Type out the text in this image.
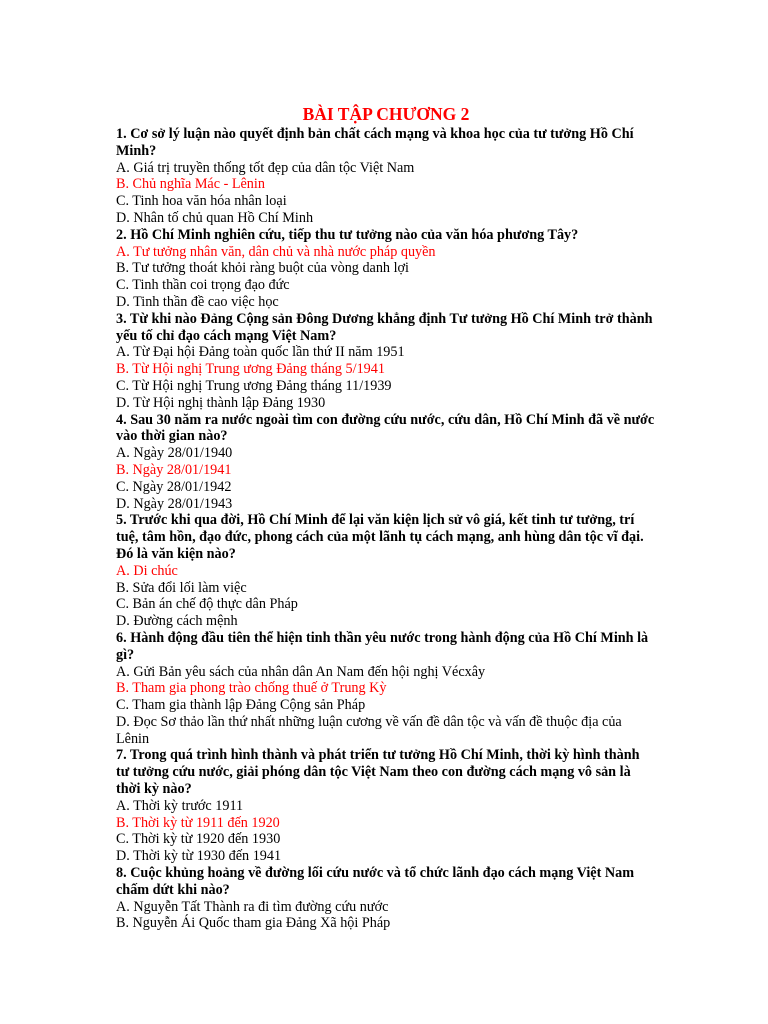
BÀI TẬP CHƯƠNG 2

1. Cơ sở lý luận nào quyết định bản chất cách mạng và khoa học của tư tưởng Hồ Chí Minh?

A. Giá trị truyền thống tốt đẹp của dân tộc Việt Nam

B. Chủ nghĩa Mác - Lênin

C. Tinh hoa văn hóa nhân loại

D. Nhân tố chủ quan Hồ Chí Minh

2. Hồ Chí Minh nghiên cứu, tiếp thu tư tưởng nào của văn hóa phương Tây?

A. Tư tưởng nhân văn, dân chủ và nhà nước pháp quyền

B. Tư tưởng thoát khỏi ràng buột của vòng danh lợi

C. Tinh thần coi trọng đạo đức

D. Tinh thần đề cao việc học

3. Từ khi nào Đảng Cộng sản Đông Dương khẳng định Tư tưởng Hồ Chí Minh trở thành yếu tố chỉ đạo cách mạng Việt Nam?

A. Từ Đại hội Đảng toàn quốc lần thứ II năm 1951

B. Từ Hội nghị Trung ương Đảng tháng 5/1941

C. Từ Hội nghị Trung ương Đảng tháng 11/1939

D. Từ Hội nghị thành lập Đảng 1930

4. Sau 30 năm ra nước ngoài tìm con đường cứu nước, cứu dân, Hồ Chí Minh đã về nước vào thời gian nào?

A. Ngày 28/01/1940

B. Ngày 28/01/1941

C. Ngày 28/01/1942

D. Ngày 28/01/1943

5. Trước khi qua đời, Hồ Chí Minh để lại văn kiện lịch sử vô giá, kết tinh tư tưởng, trí tuệ, tâm hồn, đạo đức, phong cách của một lãnh tụ cách mạng, anh hùng dân tộc vĩ đại. Đó là văn kiện nào?

A. Di chúc

B. Sửa đổi lối làm việc

C. Bản án chế độ thực dân Pháp

D. Đường cách mệnh

6. Hành động đầu tiên thể hiện tinh thần yêu nước trong hành động của Hồ Chí Minh là gì?

A. Gửi Bản yêu sách của nhân dân An Nam đến hội nghị Vécxây

B. Tham gia phong trào chống thuế ở Trung Kỳ

C. Tham gia thành lập Đảng Cộng sản Pháp

D. Đọc Sơ thảo lần thứ nhất những luận cương về vấn đề dân tộc và vấn đề thuộc địa của Lênin

7. Trong quá trình hình thành và phát triển tư tưởng Hồ Chí Minh, thời kỳ hình thành tư tưởng cứu nước, giải phóng dân tộc Việt Nam theo con đường cách mạng vô sản là thời kỳ nào?

A. Thời kỳ trước 1911

B. Thời kỳ từ 1911 đến 1920

C. Thời kỳ từ 1920 đến 1930

D. Thời kỳ từ 1930 đến 1941

8. Cuộc khủng hoảng về đường lối cứu nước và tổ chức lãnh đạo cách mạng Việt Nam chấm dứt khi nào?

A. Nguyễn Tất Thành ra đi tìm đường cứu nước

B. Nguyễn Ái Quốc tham gia Đảng Xã hội Pháp
